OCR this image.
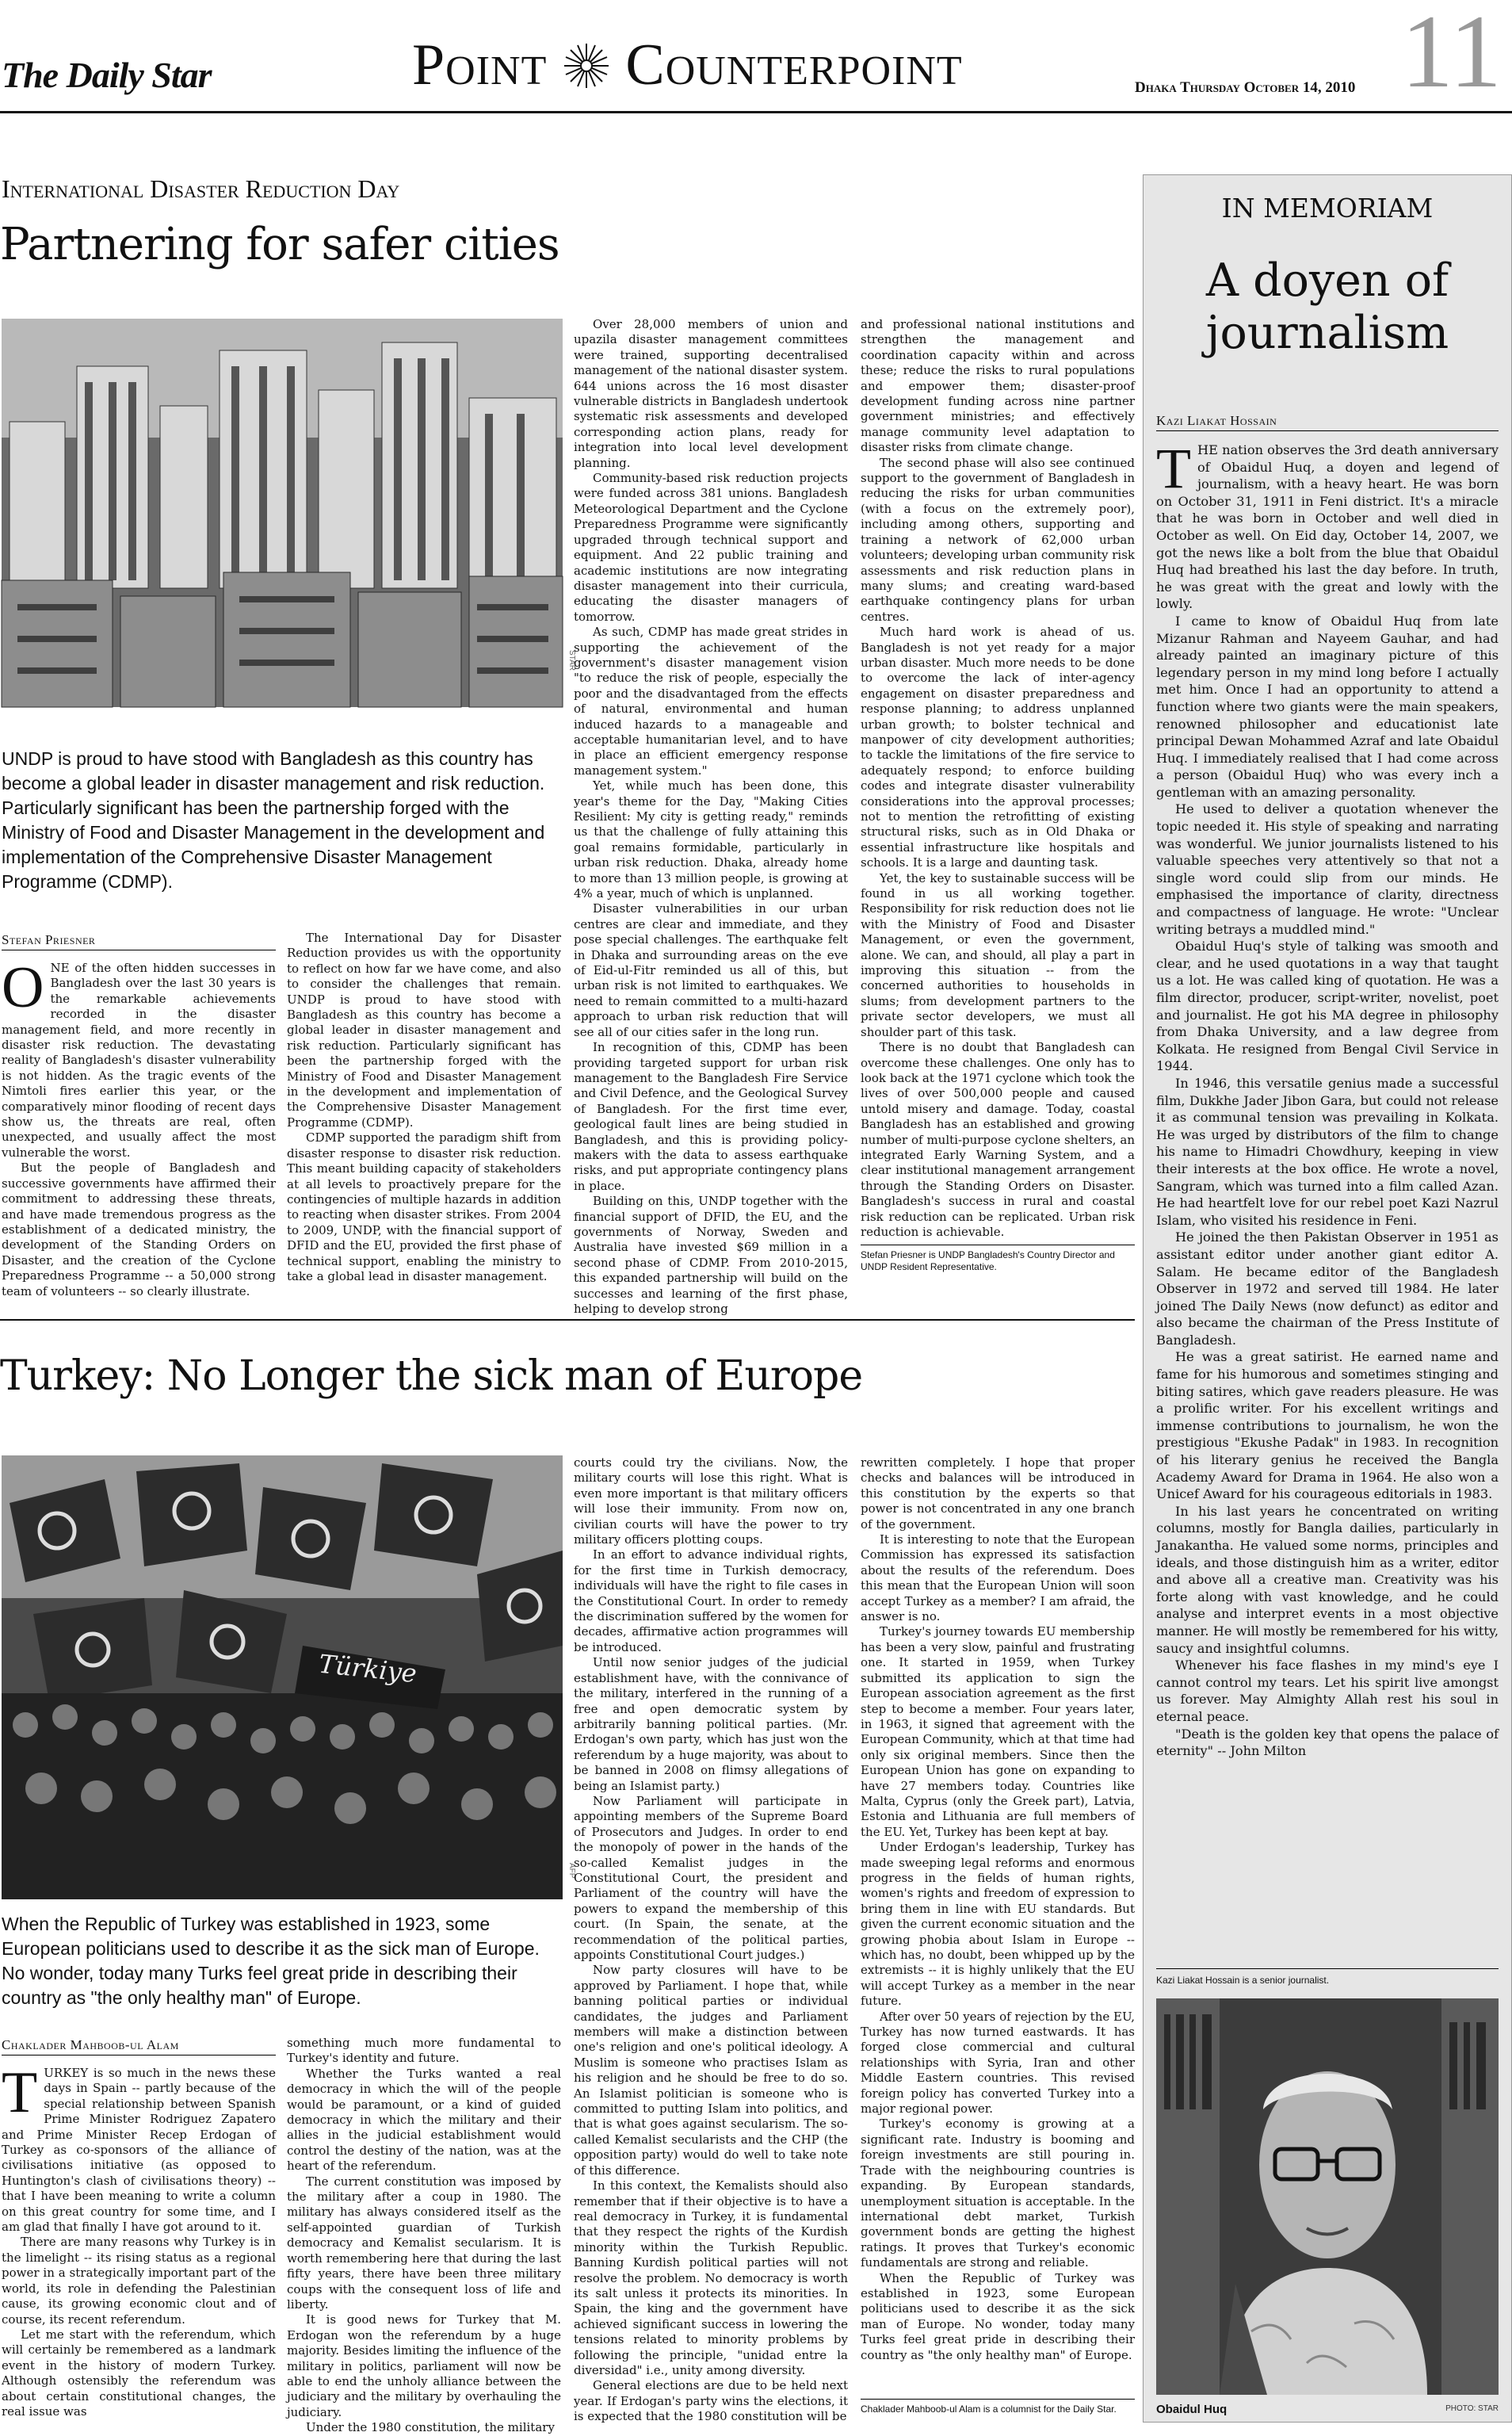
The Daily Star	Point Counterpoint	Dhaka Thursday October 14, 2010 11
International Disaster Reduction Day
Partnering for safer cities
STAR
UNDP is proud to have stood with Bangladesh as this country has become a global leader in disaster management and risk reduction. Particularly significant has been the partnership forged with the Ministry of Food and Disaster Management in the development and implementation of the Comprehensive Disaster Management Programme (CDMP).
Stefan Priesner
O NE of the often hidden successes in Bangladesh over the last 30 years is the remarkable achievements recorded in the disaster management field, and more recently in disaster risk reduction. The devastating reality of Bangladesh's disaster vulnerability is not hidden. As the tragic events of the Nimtoli fires earlier this year, or the comparatively minor flooding of recent days show us, the threats are real, often unexpected, and usually affect the most vulnerable the worst.

But the people of Bangladesh and successive governments have affirmed their commitment to addressing these threats, and have made tremendous progress as the establishment of a dedicated ministry, the development of the Standing Orders on Disaster, and the creation of the Cyclone Preparedness Programme -- a 50,000 strong team of volunteers -- so clearly illustrate.

The International Day for Disaster Reduction provides us with the opportunity to reflect on how far we have come, and also to consider the challenges that remain. UNDP is proud to have stood with Bangladesh as this country has become a global leader in disaster management and risk reduction. Particularly significant has been the partnership forged with the Ministry of Food and Disaster Management in the development and implementation of the Comprehensive Disaster Management Programme (CDMP).

CDMP supported the paradigm shift from disaster response to disaster risk reduction. This meant building capacity of stakeholders at all levels to proactively prepare for the contingencies of multiple hazards in addition to reacting when disaster strikes. From 2004 to 2009, UNDP, with the financial support of DFID and the EU, provided the first phase of technical support, enabling the ministry to take a global lead in disaster management.

Over 28,000 members of union and upazila disaster management committees were trained, supporting decentralised management of the national disaster system. 644 unions across the 16 most disaster vulnerable districts in Bangladesh undertook systematic risk assessments and developed corresponding action plans, ready for integration into local level development planning.

Community-based risk reduction projects were funded across 381 unions. Bangladesh Meteorological Department and the Cyclone Preparedness Programme were significantly upgraded through technical support and equipment. And 22 public training and academic institutions are now integrating disaster management into their curricula, educating the disaster managers of tomorrow.

As such, CDMP has made great strides in supporting the achievement of the government's disaster management vision "to reduce the risk of people, especially the poor and the disadvantaged from the effects of natural, environmental and human induced hazards to a manageable and acceptable humanitarian level, and to have in place an efficient emergency response management system."

Yet, while much has been done, this year's theme for the Day, "Making Cities Resilient: My city is getting ready," reminds us that the challenge of fully attaining this goal remains formidable, particularly in urban risk reduction. Dhaka, already home to more than 13 million people, is growing at 4% a year, much of which is unplanned.

Disaster vulnerabilities in our urban centres are clear and immediate, and they pose special challenges. The earthquake felt in Dhaka and surrounding areas on the eve of Eid-ul-Fitr reminded us all of this, but urban risk is not limited to earthquakes. We need to remain committed to a multi-hazard approach to urban risk reduction that will see all of our cities safer in the long run.

In recognition of this, CDMP has been providing targeted support for urban risk management to the Bangladesh Fire Service and Civil Defence, and the Geological Survey of Bangladesh. For the first time ever, geological fault lines are being studied in Bangladesh, and this is providing policy-makers with the data to assess earthquake risks, and put appropriate contingency plans in place.

Building on this, UNDP together with the financial support of DFID, the EU, and the governments of Norway, Sweden and Australia have invested $69 million in a second phase of CDMP. From 2010-2015, this expanded partnership will build on the successes and learning of the first phase, helping to develop strong

and professional national institutions and strengthen the management and coordination capacity within and across these; reduce the risks to rural populations and empower them; disaster-proof development funding across nine partner government ministries; and effectively manage community level adaptation to disaster risks from climate change.

The second phase will also see continued support to the government of Bangladesh in reducing the risks for urban communities (with a focus on the extremely poor), including among others, supporting and training a network of 62,000 urban volunteers; developing urban community risk assessments and risk reduction plans in many slums; and creating ward-based earthquake contingency plans for urban centres.

Much hard work is ahead of us. Bangladesh is not yet ready for a major urban disaster. Much more needs to be done to overcome the lack of inter-agency engagement on disaster preparedness and response planning; to address unplanned urban growth; to bolster technical and manpower of city development authorities; to tackle the limitations of the fire service to adequately respond; to enforce building codes and integrate disaster vulnerability considerations into the approval processes; not to mention the retrofitting of existing structural risks, such as in Old Dhaka or essential infrastructure like hospitals and schools. It is a large and daunting task.

Yet, the key to sustainable success will be found in us all working together. Responsibility for risk reduction does not lie with the Ministry of Food and Disaster Management, or even the government, alone. We can, and should, all play a part in improving this situation -- from the concerned authorities to households in slums; from development partners to the private sector developers, we must all shoulder part of this task.

There is no doubt that Bangladesh can overcome these challenges. One only has to look back at the 1971 cyclone which took the lives of over 500,000 people and caused untold misery and damage. Today, coastal Bangladesh has an established and growing number of multi-purpose cyclone shelters, an integrated Early Warning System, and a clear institutional management arrangement through the Standing Orders on Disaster. Bangladesh's success in rural and coastal risk reduction can be replicated. Urban risk reduction is achievable.

Stefan Priesner is UNDP Bangladesh's Country Director and UNDP Resident Representative.
Turkey: No Longer the sick man of Europe
Türkiye
AFP
When the Republic of Turkey was established in 1923, some European politicians used to describe it as the sick man of Europe. No wonder, today many Turks feel great pride in describing their country as "the only healthy man" of Europe.
Chaklader Mahboob-ul Alam
T URKEY is so much in the news these days in Spain -- partly because of the special relationship between Spanish Prime Minister Rodriguez Zapatero and Prime Minister Recep Erdogan of Turkey as co-sponsors of the alliance of civilisations initiative (as opposed to Huntington's clash of civilisations theory) -- that I have been meaning to write a column on this great country for some time, and I am glad that finally I have got around to it.

There are many reasons why Turkey is in the limelight -- its rising status as a regional power in a strategically important part of the world, its role in defending the Palestinian cause, its growing economic clout and of course, its recent referendum.

Let me start with the referendum, which will certainly be remembered as a landmark event in the history of modern Turkey. Although ostensibly the referendum was about certain constitutional changes, the real issue was

something much more fundamental to Turkey's identity and future.

Whether the Turks wanted a real democracy in which the will of the people would be paramount, or a kind of guided democracy in which the military and their allies in the judicial establishment would control the destiny of the nation, was at the heart of the referendum.

The current constitution was imposed by the military after a coup in 1980. The military has always considered itself as the self-appointed guardian of Turkish democracy and Kemalist secularism. It is worth remembering here that during the last fifty years, there have been three military coups with the consequent loss of life and liberty.

It is good news for Turkey that M. Erdogan won the referendum by a huge majority. Besides limiting the influence of the military in politics, parliament will now be able to end the unholy alliance between the judiciary and the military by overhauling the judiciary.

Under the 1980 constitution, the military

courts could try the civilians. Now, the military courts will lose this right. What is even more important is that military officers will lose their immunity. From now on, civilian courts will have the power to try military officers plotting coups.

In an effort to advance individual rights, for the first time in Turkish democracy, individuals will have the right to file cases in the Constitutional Court. In order to remedy the discrimination suffered by the women for decades, affirmative action programmes will be introduced.

Until now senior judges of the judicial establishment have, with the connivance of the military, interfered in the running of a free and open democratic system by arbitrarily banning political parties. (Mr. Erdogan's own party, which has just won the referendum by a huge majority, was about to be banned in 2008 on flimsy allegations of being an Islamist party.)

Now Parliament will participate in appointing members of the Supreme Board of Prosecutors and Judges. In order to end the monopoly of power in the hands of the so-called Kemalist judges in the Constitutional Court, the president and Parliament of the country will have the powers to expand the membership of this court. (In Spain, the senate, at the recommendation of the political parties, appoints Constitutional Court judges.)

Now party closures will have to be approved by Parliament. I hope that, while banning political parties or individual candidates, the judges and Parliament members will make a distinction between one's religion and one's political ideology. A Muslim is someone who practises Islam as his religion and he should be free to do so. An Islamist politician is someone who is committed to putting Islam into politics, and that is what goes against secularism. The so-called Kemalist secularists and the CHP (the opposition party) would do well to take note of this difference.

In this context, the Kemalists should also remember that if their objective is to have a real democracy in Turkey, it is fundamental that they respect the rights of the Kurdish minority within the Turkish Republic. Banning Kurdish political parties will not resolve the problem. No democracy is worth its salt unless it protects its minorities. In Spain, the king and the government have achieved significant success in lowering the tensions related to minority problems by following the principle, "unidad entre la diversidad" i.e., unity among diversity.

General elections are due to be held next year. If Erdogan's party wins the elections, it is expected that the 1980 constitution will be

rewritten completely. I hope that proper checks and balances will be introduced in this constitution by the experts so that power is not concentrated in any one branch of the government.

It is interesting to note that the European Commission has expressed its satisfaction about the results of the referendum. Does this mean that the European Union will soon accept Turkey as a member? I am afraid, the answer is no.

Turkey's journey towards EU membership has been a very slow, painful and frustrating one. It started in 1959, when Turkey submitted its application to sign the European association agreement as the first step to become a member. Four years later, in 1963, it signed that agreement with the European Community, which at that time had only six original members. Since then the European Union has gone on expanding to have 27 members today. Countries like Malta, Cyprus (only the Greek part), Latvia, Estonia and Lithuania are full members of the EU. Yet, Turkey has been kept at bay.

Under Erdogan's leadership, Turkey has made sweeping legal reforms and enormous progress in the fields of human rights, women's rights and freedom of expression to bring them in line with EU standards. But given the current economic situation and the growing phobia about Islam in Europe -- which has, no doubt, been whipped up by the extremists -- it is highly unlikely that the EU will accept Turkey as a member in the near future.

After over 50 years of rejection by the EU, Turkey has now turned eastwards. It has forged close commercial and cultural relationships with Syria, Iran and other Middle Eastern countries. This revised foreign policy has converted Turkey into a major regional power.

Turkey's economy is growing at a significant rate. Industry is booming and foreign investments are still pouring in. Trade with the neighbouring countries is expanding. By European standards, unemployment situation is acceptable. In the international debt market, Turkish government bonds are getting the highest ratings. It proves that Turkey's economic fundamentals are strong and reliable.

When the Republic of Turkey was established in 1923, some European politicians used to describe it as the sick man of Europe. No wonder, today many Turks feel great pride in describing their country as "the only healthy man" of Europe.

Chaklader Mahboob-ul Alam is a columnist for the Daily Star.
IN MEMORIAM
A doyen of
journalism
Kazi Liakat Hossain
T HE nation observes the 3rd death anniversary of Obaidul Huq, a doyen and legend of journalism, with a heavy heart. He was born on October 31, 1911 in Feni district. It's a miracle that he was born in October and well died in October as well. On Eid day, October 14, 2007, we got the news like a bolt from the blue that Obaidul Huq had breathed his last the day before. In truth, he was great with the great and lowly with the lowly.

I came to know of Obaidul Huq from late Mizanur Rahman and Nayeem Gauhar, and had already painted an imaginary picture of this legendary person in my mind long before I actually met him. Once I had an opportunity to attend a function where two giants were the main speakers, renowned philosopher and educationist late principal Dewan Mohammed Azraf and late Obaidul Huq. I immediately realised that I had come across a person (Obaidul Huq) who was every inch a gentleman with an amazing personality.

He used to deliver a quotation whenever the topic needed it. His style of speaking and narrating was wonderful. We junior journalists listened to his valuable speeches very attentively so that not a single word could slip from our minds. He emphasised the importance of clarity, directness and compactness of language. He wrote: "Unclear writing betrays a muddled mind."

Obaidul Huq's style of talking was smooth and clear, and he used quotations in a way that taught us a lot. He was called king of quotation. He was a film director, producer, script-writer, novelist, poet and journalist. He got his MA degree in philosophy from Dhaka University, and a law degree from Kolkata. He resigned from Bengal Civil Service in 1944.

In 1946, this versatile genius made a successful film, Dukkhe Jader Jibon Gara, but could not release it as communal tension was prevailing in Kolkata. He was urged by distributors of the film to change his name to Himadri Chowdhury, keeping in view their interests at the box office. He wrote a novel, Sangram, which was turned into a film called Azan. He had heartfelt love for our rebel poet Kazi Nazrul Islam, who visited his residence in Feni.

He joined the then Pakistan Observer in 1951 as assistant editor under another giant editor A. Salam. He became editor of the Bangladesh Observer in 1972 and served till 1984. He later joined The Daily News (now defunct) as editor and also became the chairman of the Press Institute of Bangladesh.

He was a great satirist. He earned name and fame for his humorous and sometimes stinging and biting satires, which gave readers pleasure. He was a prolific writer. For his excellent writings and immense contributions to journalism, he won the prestigious "Ekushe Padak" in 1983. In recognition of his literary genius he received the Bangla Academy Award for Drama in 1964. He also won a Unicef Award for his courageous editorials in 1983.

In his last years he concentrated on writing columns, mostly for Bangla dailies, particularly in Janakantha. He valued some norms, principles and ideals, and those distinguish him as a writer, editor and above all a creative man. Creativity was his forte along with vast knowledge, and he could analyse and interpret events in a most objective manner. He will mostly be remembered for his witty, saucy and insightful columns.

Whenever his face flashes in my mind's eye I cannot control my tears. Let his spirit live amongst us forever. May Almighty Allah rest his soul in eternal peace.

"Death is the golden key that opens the palace of eternity" -- John Milton

Kazi Liakat Hossain is a senior journalist.
Obaidul Huq	PHOTO: STAR
